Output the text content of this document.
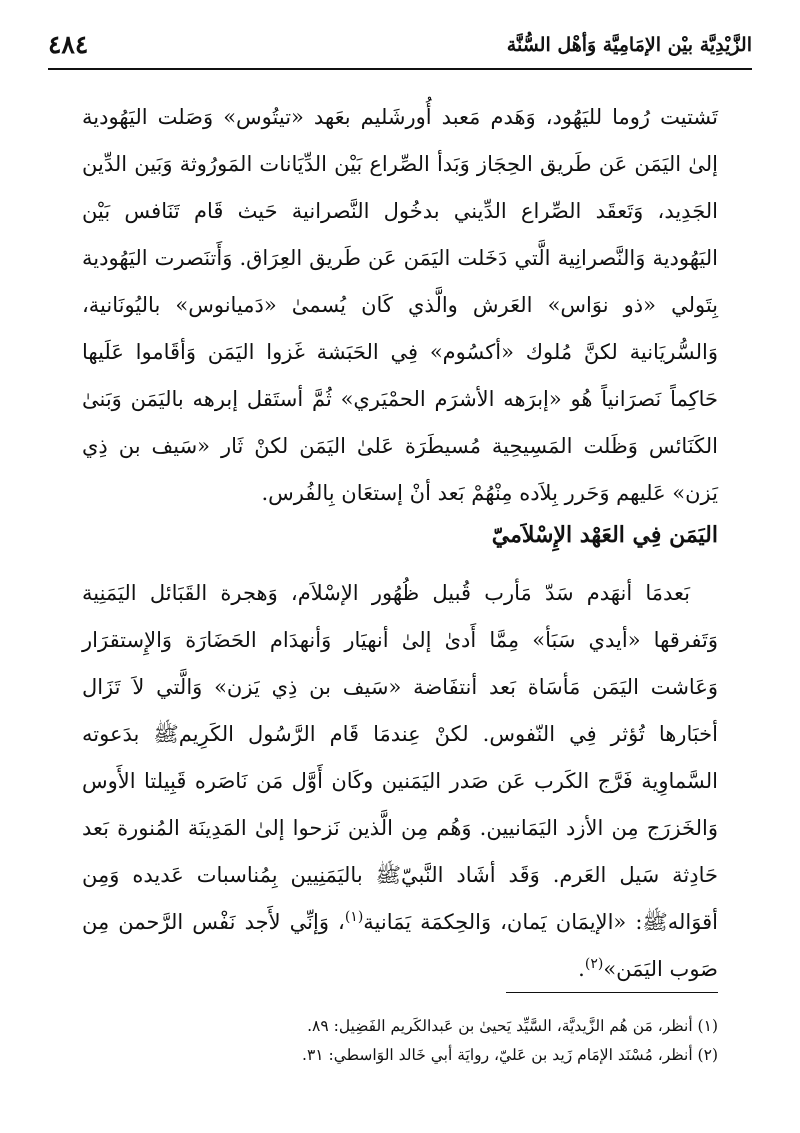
الزَّيْدِيَّة بيْن الإمَامِيَّة وَأهْل السُّنَّة
٤٨٤

تَشتيت رُوما لليَهُود، وَهَدم مَعبد أُورشَليم بعَهد «تيتُوس» وَصَلت اليَهُودية إلىٰ اليَمَن عَن طَريق الحِجَاز وَبَدأ الصِّراع بَيْن الدِّيَانات المَورُوثة وَبَين الدِّين الجَدِيد، وَتَعقَد الصِّراع الدِّيني بدخُول النَّصرانية حَيث قَام تَنَافس بَيْن اليَهُودية وَالنَّصرانِية الَّتي دَخَلت اليَمَن عَن طَريق العِرَاق. وَأَتنَصرت اليَهُودية بِتَولي «ذو نوَاس» العَرش والَّذي كَان يُسمىٰ «دَميانوس» باليُونَانية، وَالسُّريَانية لكنَّ مُلوك «أكسُوم» فِي الحَبَشة غَزوا اليَمَن وَأقَاموا عَلَيها حَاكِماً نَصرَانياً هُو «إبرَهه الأشرَم الحمْيَري» ثُمَّ أستَقل إبرهه باليَمَن وَبَنىٰ الكَنَائس وَظَلت المَسِيحِية مُسيطَرَة عَلىٰ اليَمَن لكنْ ثَار «سَيف بن ذِي يَزن» عَليهم وَحَرر بِلاَده مِنْهُمْ بَعد أنْ إستعَان بِالفُرس.

اليَمَن فِي العَهْد الإِسْلاَميّ

بَعدمَا أنهَدم سَدّ مَأرب قُبيل ظُهُور الإسْلاَم، وَهجرة القَبَائل اليَمَنِية وَتَفرقها «أيدي سَبَأ» مِمَّا أَدىٰ إلىٰ أنهيَار وَأنهدَام الحَضَارَة وَالإِستقرَار وَعَاشت اليَمَن مَأسَاة بَعد أنتفَاضة «سَيف بن ذِي يَزن» وَالَّتي لاَ تَزَال أخبَارها تُؤثر فِي النّفوس. لكنْ عِندمَا قَام الرَّسُول الكَرِيمﷺ بدَعوته السَّماوِية فَرَّج الكَرب عَن صَدر اليَمَنين وكَان أَوَّل مَن نَاصَره قَبِيلتا الأَوس وَالخَزرَج مِن الأزد اليَمَانيين. وَهُم مِن الَّذين نَزحوا إلىٰ المَدِينَة المُنورة بَعد حَادِثة سَيل العَرم. وَقَد أشَاد النَّبيّﷺ باليَمَنِيين بِمُناسبات عَديده وَمِن أقوَالهﷺ: «الإيمَان يَمان، وَالحِكمَة يَمَانية$^{(١)}$، وَإنِّي لأَجد نَفْس الرَّحمن مِن صَوب اليَمَن»$^{(٢)}$.

(١) أنظر، مَن هُم الزَّيديَّة، السَّيِّد يَحيىٰ بن عَبدالكَريم الفَضِيل: ٨٩.
(٢) أنظر، مُسْنَد الإمَام زَيد بن عَليّ، روايَة أبي خَالد الوَاسطي: ٣١.
